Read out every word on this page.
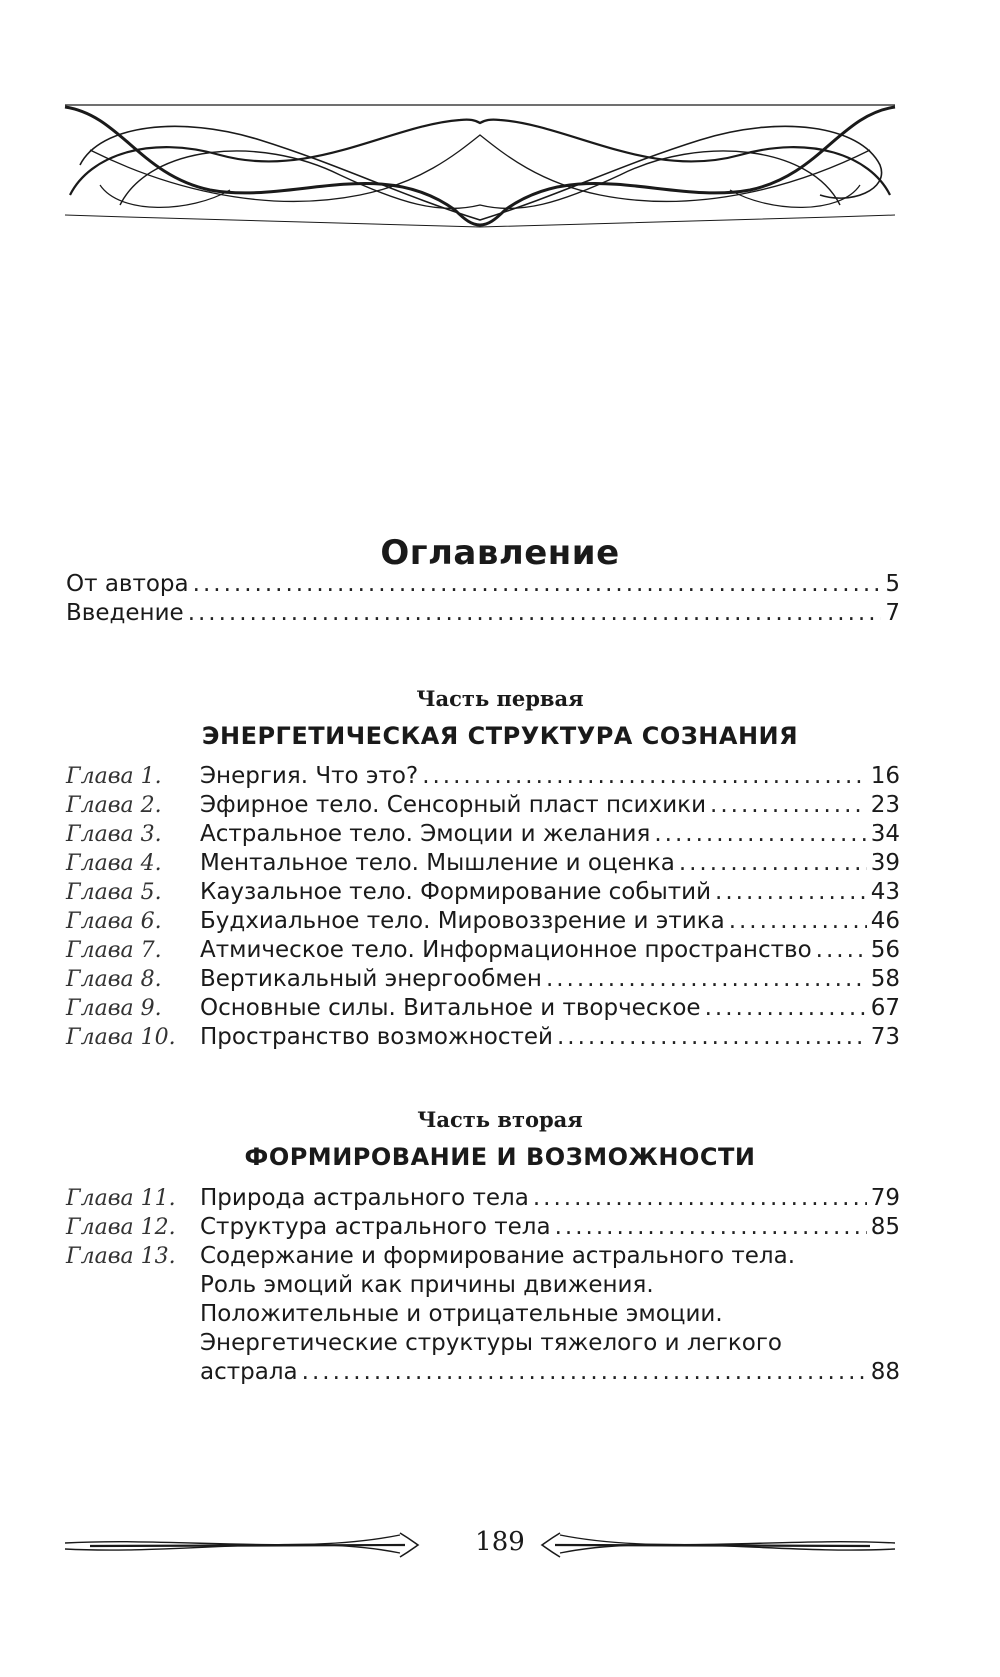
Оглавление
От автора .....	5
Введение .....	7
Часть первая
ЭНЕРГЕТИЧЕСКАЯ СТРУКТУРА СОЗНАНИЯ
Глава 1.	Энергия. Что это? .....	16
Глава 2.	Эфирное тело. Сенсорный пласт психики .....	23
Глава 3.	Астральное тело. Эмоции и желания .....	34
Глава 4.	Ментальное тело. Мышление и оценка .....	39
Глава 5.	Каузальное тело. Формирование событий .....	43
Глава 6.	Будхиальное тело. Мировоззрение и этика .....	46
Глава 7.	Атмическое тело. Информационное пространство .....	56
Глава 8.	Вертикальный энергообмен .....	58
Глава 9.	Основные силы. Витальное и творческое .....	67
Глава 10.	Пространство возможностей .....	73
Часть вторая
ФОРМИРОВАНИЕ И ВОЗМОЖНОСТИ
Глава 11.	Природа астрального тела .....	79
Глава 12.	Структура астрального тела .....	85
Глава 13.	Содержание и формирование астрального тела.
Роль эмоций как причины движения.
Положительные и отрицательные эмоции.
Энергетические структуры тяжелого и легкого
астрала .....	88
189
